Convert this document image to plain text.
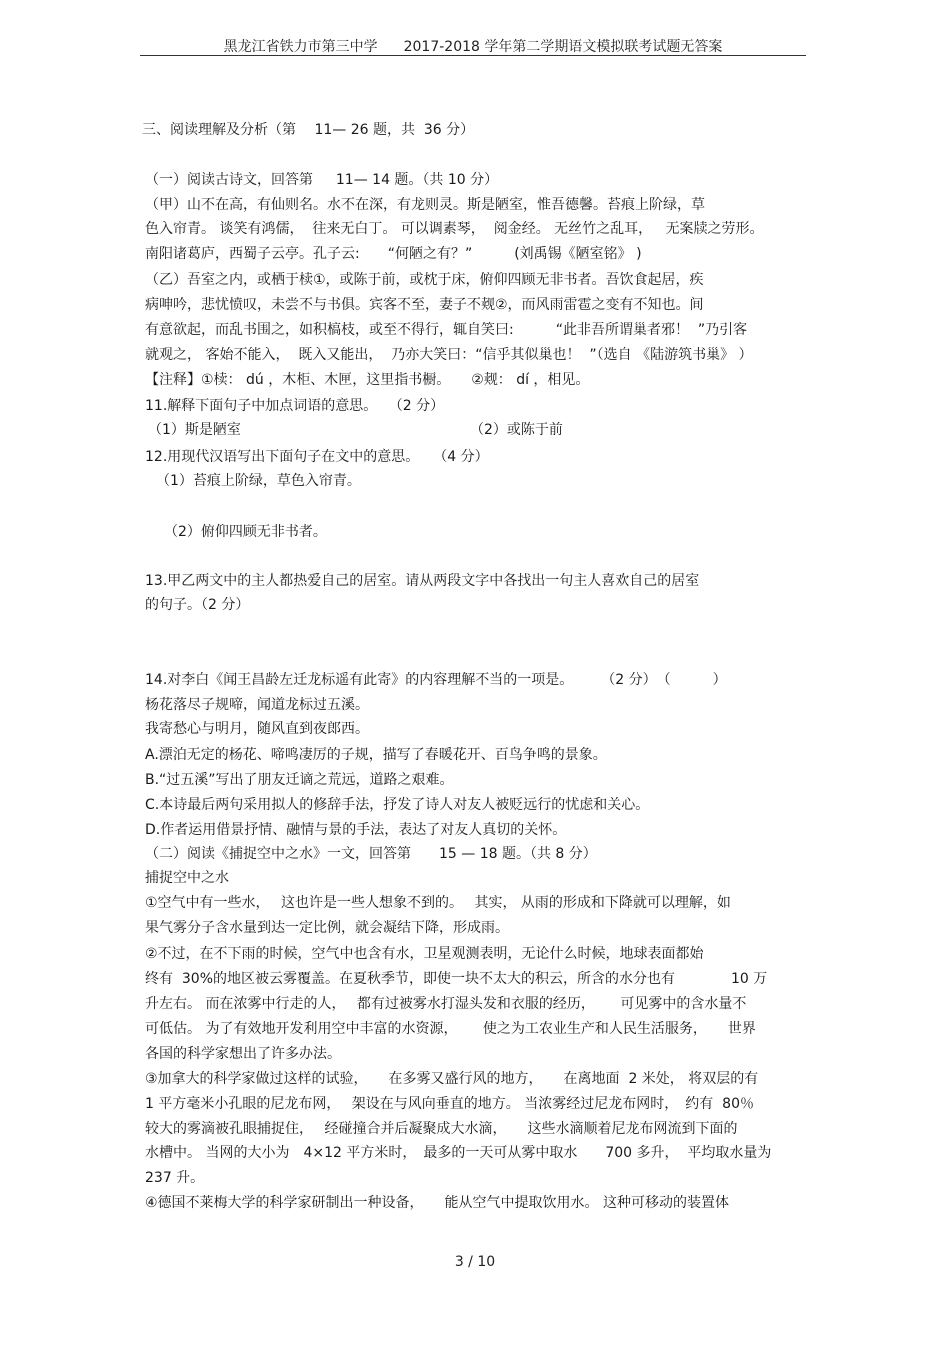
黑龙江省铁力市第三中学 2017-2018 学年第二学期语文模拟联考试题无答案
三、阅读理解及分析（第　 11— 26 题，共  36 分）
（一）阅读古诗文，回答第　  11— 14 题。（共 10 分）
（甲）山不在高，有仙则名。水不在深，有龙则灵。斯是陋室，惟吾德馨。苔痕上阶绿，草
色入帘青。 谈笑有鸿儒，  往来无白丁。 可以调素琴，  阅金经。 无丝竹之乱耳，   无案牍之劳形。
南阳诸葛庐，西蜀子云亭。孔子云:　　“何陋之有？”　　　(刘禹锡《陋室铭》 )
（乙）吾室之内，或栖于椟①，或陈于前，或枕于床，俯仰四顾无非书者。吾饮食起居，疾
病呻吟，悲忧愤叹，未尝不与书俱。宾客不至，妻子不觌②，而风雨雷雹之变有不知也。间
有意欲起，而乱书围之，如积槁枝，或至不得行，辄自笑曰:　　　“此非吾所谓巢者邪！  ”乃引客
就观之， 客始不能入，  既入又能出，  乃亦大笑曰：“信乎其似巢也！  ”（选自 《陆游筑书巢》 ）
【注释】①椟： dú ，木柜、木匣，这里指书橱。　　②觌： dí ，相见。
11.解释下面句子中加点词语的意思。　 （2 分）
（1）斯是陋室	（2）或陈于前
12.用现代汉语写出下面句子在文中的意思。　　（4 分）
（1）苔痕上阶绿，草色入帘青。
（2）俯仰四顾无非书者。
13.甲乙两文中的主人都热爱自己的居室。请从两段文字中各找出一句主人喜欢自己的居室
的句子。（2 分）
14.对李白《闻王昌龄左迁龙标遥有此寄》的内容理解不当的一项是。　　　（2 分）　（　　　）
杨花落尽子规啼，闻道龙标过五溪。
我寄愁心与明月，随风直到夜郎西。
A.漂泊无定的杨花、啼鸣凄厉的子规，描写了春暖花开、百鸟争鸣的景象。
B.“过五溪”写出了朋友迁谪之荒远，道路之艰难。
C.本诗最后两句采用拟人的修辞手法，抒发了诗人对友人被贬远行的忧虑和关心。
D.作者运用借景抒情、融情与景的手法，表达了对友人真切的关怀。
（二）阅读《捕捉空中之水》一文，回答第　　15 — 18 题。（共 8 分）
捕捉空中之水
①空气中有一些水，　 这也许是一些人想象不到的。　 其实， 从雨的形成和下降就可以理解，如
果气雾分子含水量到达一定比例，就会凝结下降，形成雨。
②不过，在不下雨的时候，空气中也含有水，卫星观测表明，无论什么时候，地球表面都始
终有  30%的地区被云雾覆盖。在夏秋季节，即使一块不太大的积云，所含的水分也有　　　　10 万
升左右。 而在浓雾中行走的人，　 都有过被雾水打湿头发和衣服的经历，　 　可见雾中的含水量不
可低估。 为了有效地开发利用空中丰富的水资源，　　 使之为工农业生产和人民生活服务，　　世界
各国的科学家想出了许多办法。
③加拿大的科学家做过这样的试验，　　在多雾又盛行风的地方，　　在离地面  2 米处， 将双层的有
1 平方毫米小孔眼的尼龙布网，　 架设在与风向垂直的地方。 当浓雾经过尼龙布网时，　约有  80％
较大的雾滴被孔眼捕捉住，　 经碰撞合并后凝聚成大水滴，　　这些水滴顺着尼龙布网流到下面的
水槽中。 当网的大小为　4×12 平方米时，　最多的一天可从雾中取水　　700 多升，  平均取水量为
237 升。
④德国不莱梅大学的科学家研制出一种设备，　　能从空气中提取饮用水。 这种可移动的装置体
3 / 10
